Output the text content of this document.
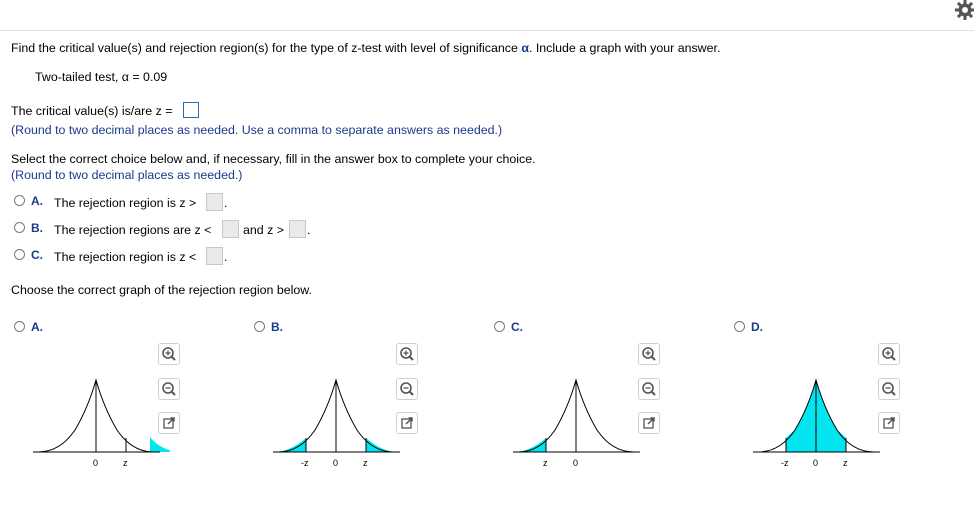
Find the critical value(s) and rejection region(s) for the type of z-test with level of significance α. Include a graph with your answer.
Two-tailed test, α = 0.09
The critical value(s) is/are z =
(Round to two decimal places as needed. Use a comma to separate answers as needed.)
Select the correct choice below and, if necessary, fill in the answer box to complete your choice.
(Round to two decimal places as needed.)
A. The rejection region is z > .
B. The rejection regions are z <	and z > .
C. The rejection region is z < .
Choose the correct graph of the rejection region below.
A.	B.	C.	D.
0	z	-z	0	z	z	0	-z	0	z
